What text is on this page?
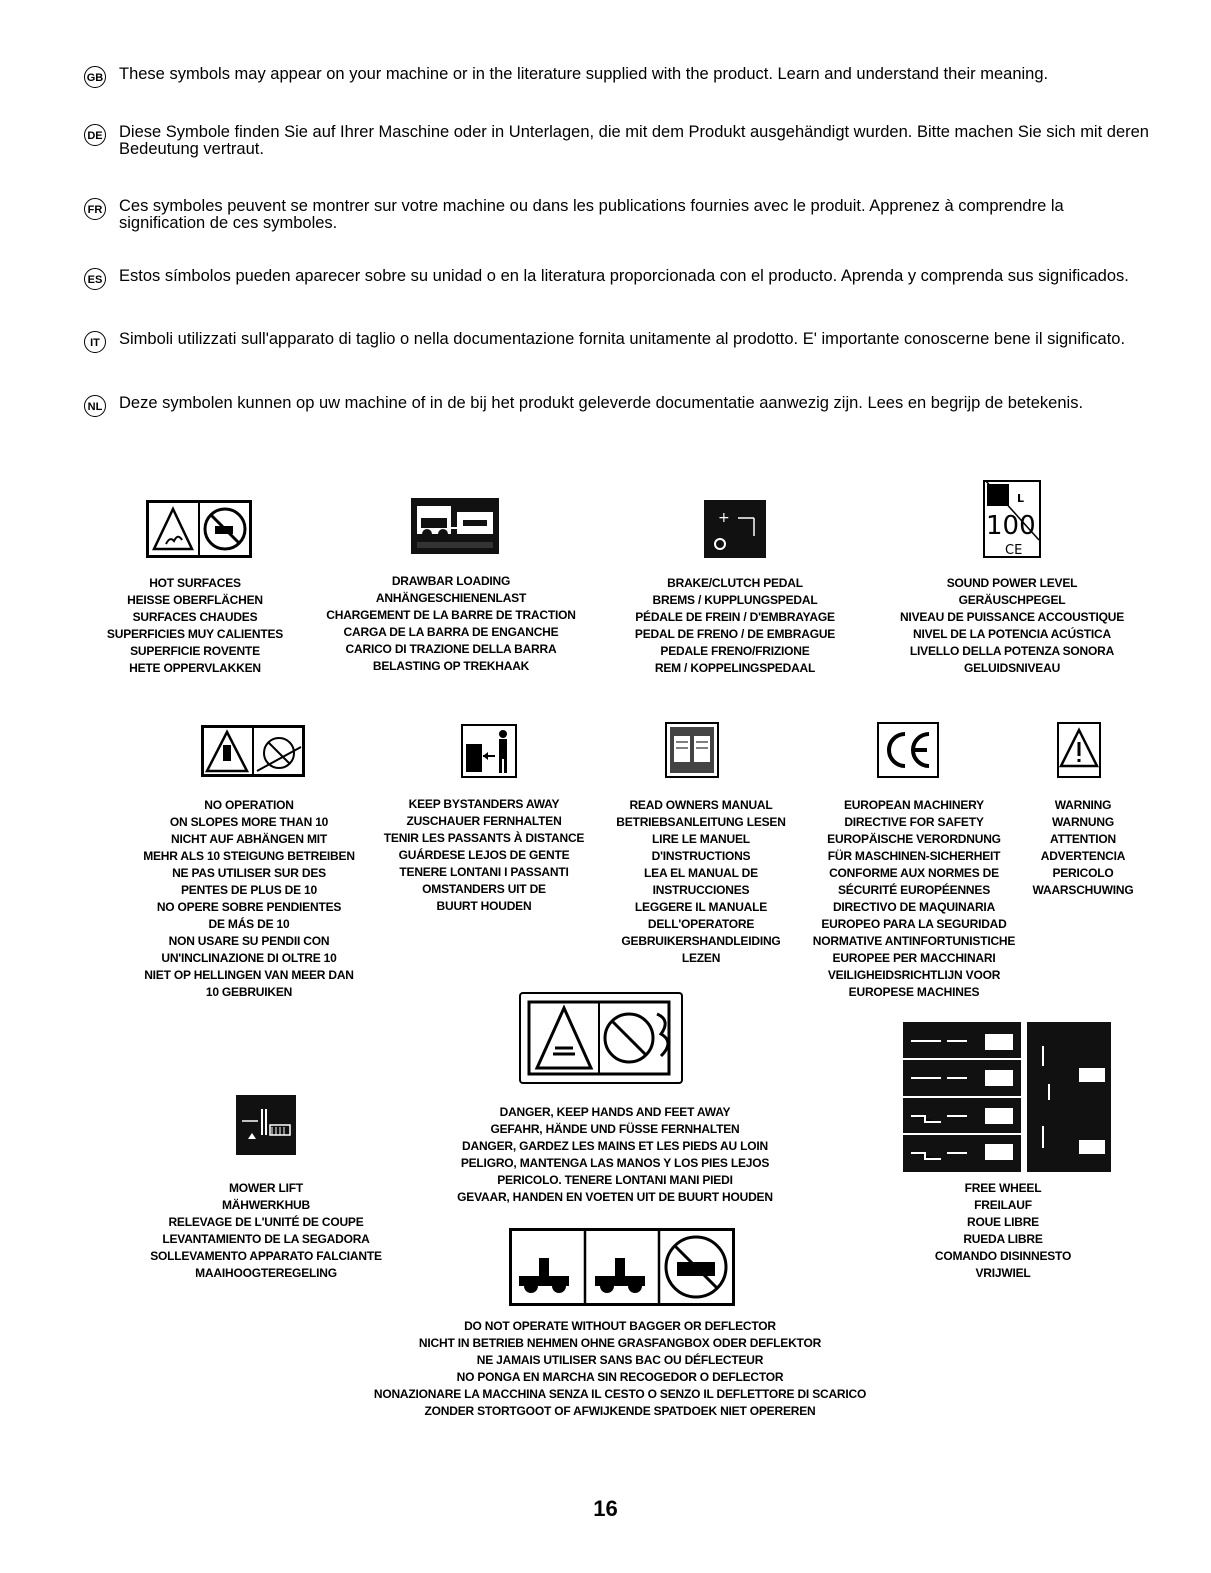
GB These symbols may appear on your machine or in the literature supplied with the product. Learn and understand their meaning.
DE Diese Symbole finden Sie auf Ihrer Maschine oder in Unterlagen, die mit dem Produkt ausgehändigt wurden. Bitte machen Sie sich mit deren Bedeutung vertraut.
FR Ces symboles peuvent se montrer sur votre machine ou dans les publications fournies avec le produit. Apprenez à comprendre la signification de ces symboles.
ES Estos símbolos pueden aparecer sobre su unidad o en la literatura proporcionada con el producto. Aprenda y comprenda sus significados.
IT	Simboli utilizzati sull'apparato di taglio o nella documentazione fornita unitamente al prodotto. E' importante conoscerne bene il significato.
NL Deze symbolen kunnen op uw machine of in de bij het produkt geleverde documentatie aanwezig zijn. Lees en begrijp de betekenis.
+
L
100
CE
HOT SURFACES
HEISSE OBERFLÄCHEN
SURFACES CHAUDES
SUPERFICIES MUY CALIENTES
SUPERFICIE ROVENTE
HETE OPPERVLAKKEN
DRAWBAR LOADING
ANHÄNGESCHIENENLAST
CHARGEMENT DE LA BARRE DE TRACTION
CARGA DE LA BARRA DE ENGANCHE
CARICO DI TRAZIONE DELLA BARRA
BELASTING OP TREKHAAK
BRAKE/CLUTCH PEDAL
BREMS / KUPPLUNGSPEDAL
PÉDALE DE FREIN / D'EMBRAYAGE
PEDAL DE FRENO / DE EMBRAGUE
PEDALE FRENO/FRIZIONE
REM / KOPPELINGSPEDAAL
SOUND POWER LEVEL
GERÄUSCHPEGEL
NIVEAU DE PUISSANCE ACCOUSTIQUE
NIVEL DE LA POTENCIA ACÚSTICA
LIVELLO DELLA POTENZA SONORA
GELUIDSNIVEAU
NO OPERATION
ON SLOPES MORE THAN 10
NICHT AUF ABHÄNGEN MIT
MEHR ALS 10 STEIGUNG BETREIBEN
NE PAS UTILISER SUR DES
PENTES DE PLUS DE 10
NO OPERE SOBRE PENDIENTES
DE MÁS DE 10
NON USARE SU PENDII CON
UN'INCLINAZIONE DI OLTRE 10
NIET OP HELLINGEN VAN MEER DAN
10 GEBRUIKEN
KEEP BYSTANDERS AWAY
ZUSCHAUER FERNHALTEN
TENIR LES PASSANTS À DISTANCE
GUÁRDESE LEJOS DE GENTE
TENERE LONTANI I PASSANTI
OMSTANDERS UIT DE
BUURT HOUDEN
READ OWNERS MANUAL
BETRIEBSANLEITUNG LESEN
LIRE LE MANUEL
D'INSTRUCTIONS
LEA EL MANUAL DE
INSTRUCCIONES
LEGGERE IL MANUALE
DELL'OPERATORE
GEBRUIKERSHANDLEIDING
LEZEN
EUROPEAN MACHINERY
DIRECTIVE FOR SAFETY
EUROPÄISCHE VERORDNUNG
FÜR MASCHINEN-SICHERHEIT
CONFORME AUX NORMES DE
SÉCURITÉ EUROPÉENNES
DIRECTIVO DE MAQUINARIA
EUROPEO PARA LA SEGURIDAD
NORMATIVE ANTINFORTUNISTICHE
EUROPEE PER MACCHINARI
VEILIGHEIDSRICHTLIJN VOOR
EUROPESE MACHINES
WARNING
WARNUNG
ATTENTION
ADVERTENCIA
PERICOLO
WAARSCHUWING
DANGER, KEEP HANDS AND FEET AWAY
GEFAHR, HÄNDE UND FÜSSE FERNHALTEN
DANGER, GARDEZ LES MAINS ET LES PIEDS AU LOIN
PELIGRO, MANTENGA LAS MANOS Y LOS PIES LEJOS
PERICOLO. TENERE LONTANI MANI PIEDI
GEVAAR, HANDEN EN VOETEN UIT DE BUURT HOUDEN
MOWER LIFT
MÄHWERKHUB
RELEVAGE DE L'UNITÉ DE COUPE
LEVANTAMIENTO DE LA SEGADORA
SOLLEVAMENTO APPARATO FALCIANTE
MAAIHOOGTEREGELING
FREE WHEEL
FREILAUF
ROUE LIBRE
RUEDA LIBRE
COMANDO DISINNESTO
VRIJWIEL
DO NOT OPERATE WITHOUT BAGGER OR DEFLECTOR
NICHT IN BETRIEB NEHMEN OHNE GRASFANGBOX ODER DEFLEKTOR
NE JAMAIS UTILISER SANS BAC OU DÉFLECTEUR
NO PONGA EN MARCHA SIN RECOGEDOR O DEFLECTOR
NONAZIONARE LA MACCHINA SENZA IL CESTO O SENZO IL DEFLETTORE DI SCARICO
ZONDER STORTGOOT OF AFWIJKENDE SPATDOEK NIET OPEREREN
16
